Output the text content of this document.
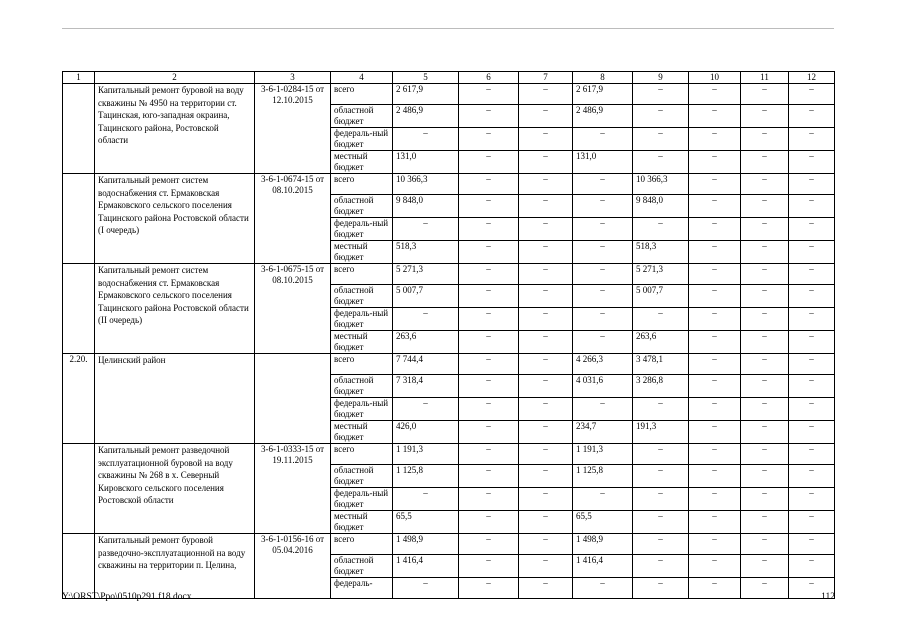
1	2	3	4	5	6	7	8	9	10	11	12
	Капитальный ремонт буровой на воду скважины № 4950 на территории ст. Тацинская, юго-западная окраина, Тацинского района, Ростовской области	3-6-1-0284-15 от 12.10.2015	всего	2 617,9	–	–	2 617,9	–	–	–	–
			областной бюджет	2 486,9	–	–	2 486,9	–	–	–	–
			федераль-ный бюджет	–	–	–	–	–	–	–	–
			местный бюджет	131,0	–	–	131,0	–	–	–	–
	Капитальный ремонт систем водоснабжения ст. Ермаковская Ермаковского сельского поселения Тацинского района Ростовской области (I очередь)	3-6-1-0674-15 от 08.10.2015	всего	10 366,3	–	–	–	10 366,3	–	–	–
			областной бюджет	9 848,0	–	–	–	9 848,0	–	–	–
			федераль-ный бюджет	–	–	–	–	–	–	–	–
			местный бюджет	518,3	–	–	–	518,3	–	–	–
	Капитальный ремонт систем водоснабжения ст. Ермаковская Ермаковского сельского поселения Тацинского района Ростовской области (II очередь)	3-6-1-0675-15 от 08.10.2015	всего	5 271,3	–	–	–	5 271,3	–	–	–
			областной бюджет	5 007,7	–	–	–	5 007,7	–	–	–
			федераль-ный бюджет	–	–	–	–	–	–	–	–
			местный бюджет	263,6	–	–	–	263,6	–	–	–
2.20.	Целинский район		всего	7 744,4	–	–	4 266,3	3 478,1	–	–	–
			областной бюджет	7 318,4	–	–	4 031,6	3 286,8	–	–	–
			федераль-ный бюджет	–	–	–	–	–	–	–	–
			местный бюджет	426,0	–	–	234,7	191,3	–	–	–
	Капитальный ремонт разведочной эксплуатационной буровой на воду скважины № 268 в х. Северный Кировского сельского поселения Ростовской области	3-6-1-0333-15 от 19.11.2015	всего	1 191,3	–	–	1 191,3	–	–	–	–
			областной бюджет	1 125,8	–	–	1 125,8	–	–	–	–
			федераль-ный бюджет	–	–	–	–	–	–	–	–
			местный бюджет	65,5	–	–	65,5	–	–	–	–
	Капитальный ремонт буровой разведочно-эксплуатационной на воду скважины на территории п. Целина,	3-6-1-0156-16 от 05.04.2016	всего	1 498,9	–	–	1 498,9	–	–	–	–
			областной бюджет	1 416,4	–	–	1 416,4	–	–	–	–
			федераль-	–	–	–	–	–	–	–	–
Y:\ORST\Ppo\0510p291.f18.docx	112
